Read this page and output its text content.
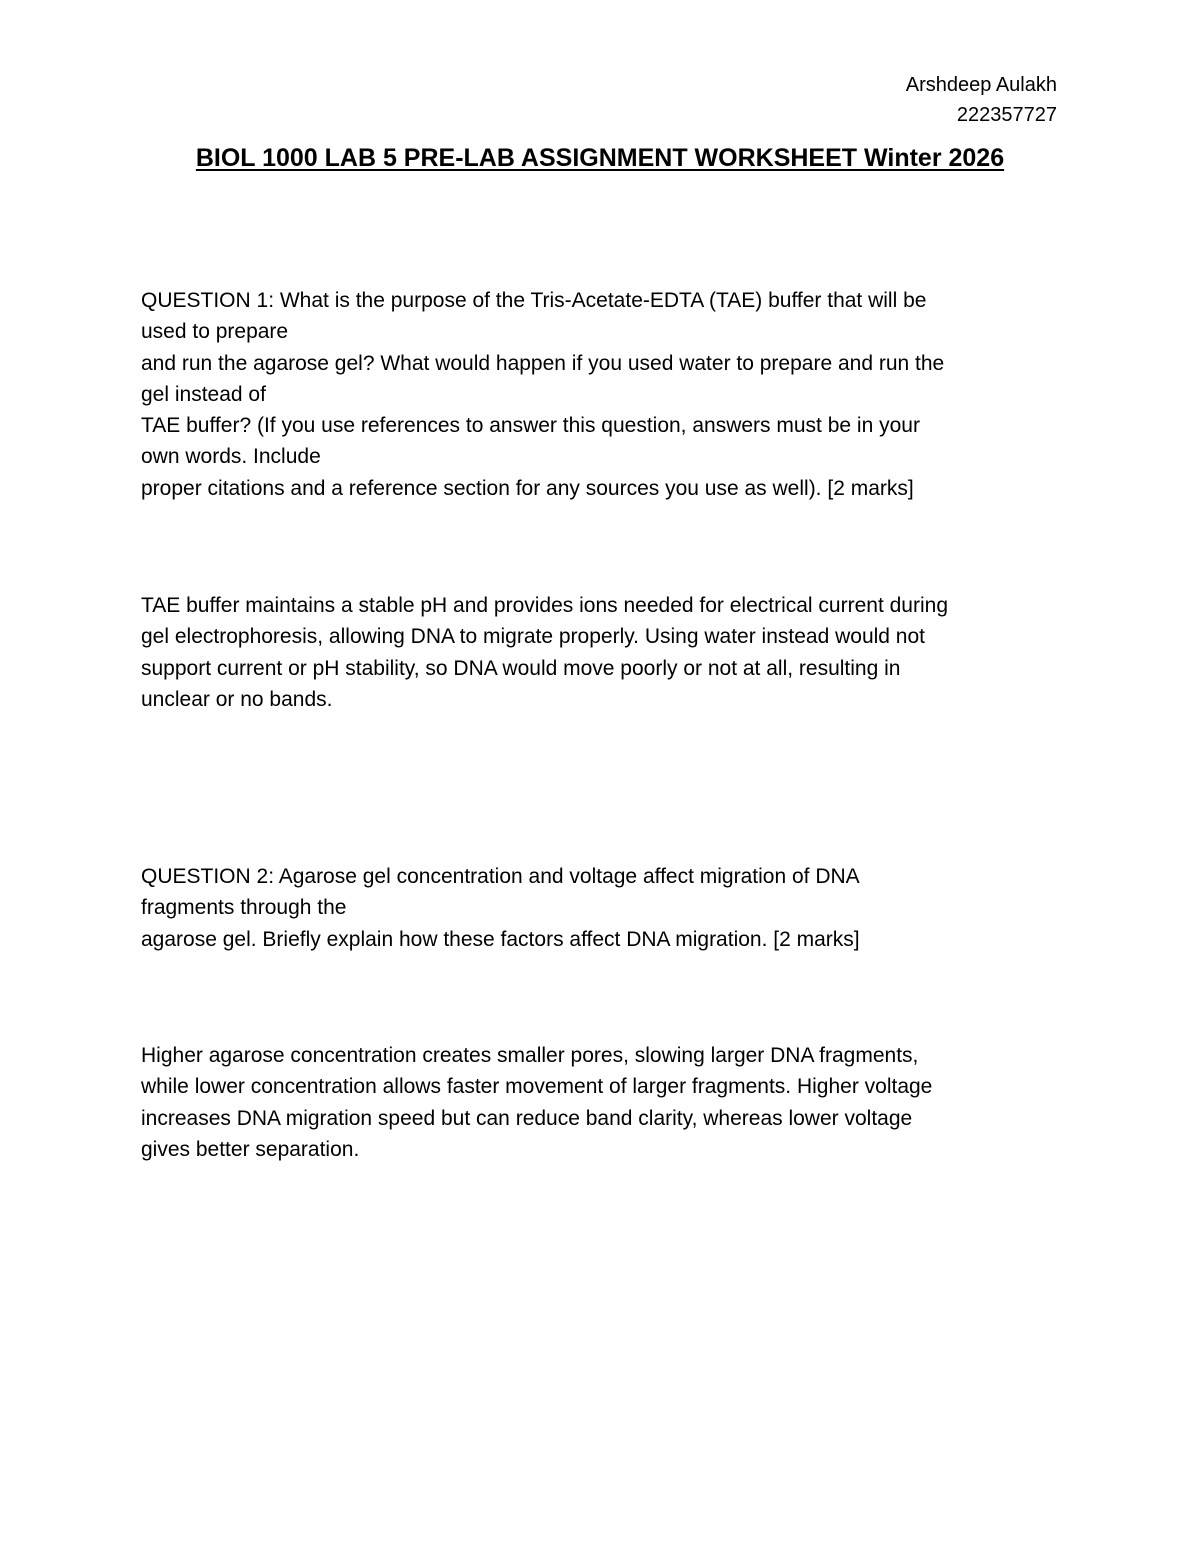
Arshdeep Aulakh
222357727
BIOL 1000 LAB 5 PRE-LAB ASSIGNMENT WORKSHEET Winter 2026
QUESTION 1: What is the purpose of the Tris-Acetate-EDTA (TAE) buffer that will be
used to prepare
and run the agarose gel? What would happen if you used water to prepare and run the
gel instead of
TAE buffer? (If you use references to answer this question, answers must be in your
own words. Include
proper citations and a reference section for any sources you use as well). [2 marks]
TAE buffer maintains a stable pH and provides ions needed for electrical current during
gel electrophoresis, allowing DNA to migrate properly. Using water instead would not
support current or pH stability, so DNA would move poorly or not at all, resulting in
unclear or no bands.
QUESTION 2: Agarose gel concentration and voltage affect migration of DNA
fragments through the
agarose gel. Briefly explain how these factors affect DNA migration. [2 marks]
Higher agarose concentration creates smaller pores, slowing larger DNA fragments,
while lower concentration allows faster movement of larger fragments. Higher voltage
increases DNA migration speed but can reduce band clarity, whereas lower voltage
gives better separation.
